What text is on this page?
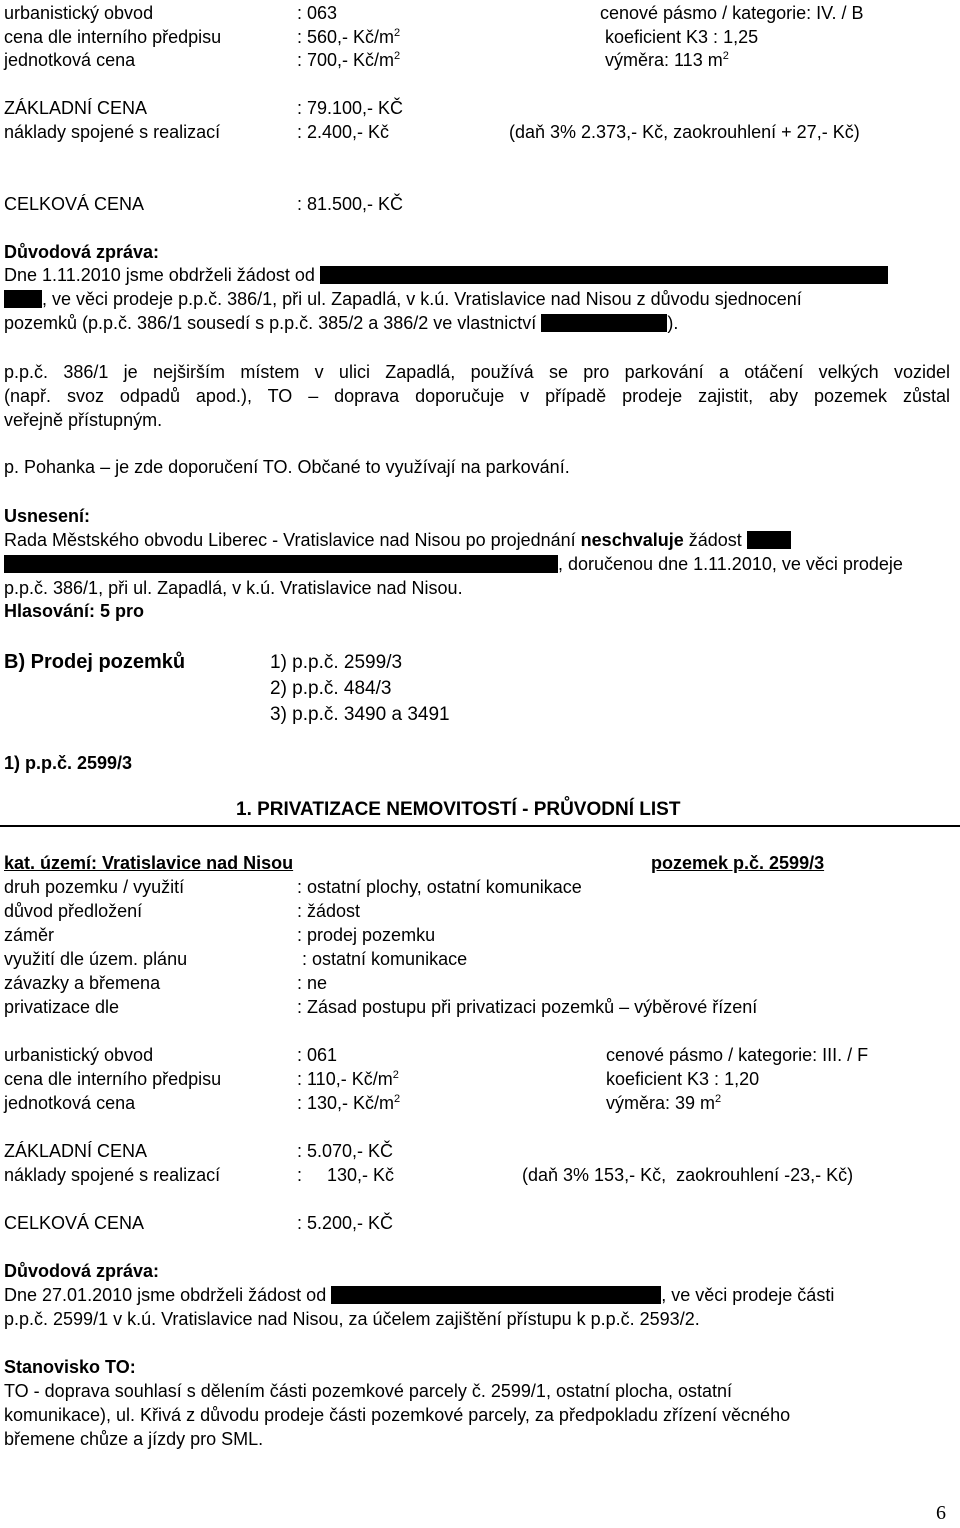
urbanistický obvod	: 063	cenové pásmo / kategorie: IV. / B
cena dle interního předpisu	: 560,- $Kč/m^2$	koeficient K3 : 1,25
jednotková cena	: 700,- $Kč/m^2$	výměra: 113 $m^2$
ZÁKLADNÍ CENA	: 79.100,- KČ
náklady spojené s realizací	: 2.400,- Kč	(daň 3% 2.373,- Kč, zaokrouhlení + 27,- Kč)
CELKOVÁ CENA	: 81.500,- KČ
Důvodová zpráva:
Dne 1.11.2010 jsme obdrželi žádost od
, ve věci prodeje p.p.č. 386/1, při ul. Zapadlá, v k.ú. Vratislavice nad Nisou z důvodu sjednocení
pozemků (p.p.č. 386/1 sousedí s p.p.č. 385/2 a 386/2 ve vlastnictví	).
p.p.č. 386/1 je nejširším místem v ulici Zapadlá, používá se pro parkování a otáčení velkých vozidel
(např. svoz odpadů apod.), TO – doprava doporučuje v případě prodeje zajistit, aby pozemek zůstal
veřejně přístupným.
p. Pohanka – je zde doporučení TO. Občané to využívají na parkování.
Usnesení:
Rada Městského obvodu Liberec - Vratislavice nad Nisou po projednání neschvaluje žádost
, doručenou dne 1.11.2010, ve věci prodeje
p.p.č. 386/1, při ul. Zapadlá, v k.ú. Vratislavice nad Nisou.
Hlasování: 5 pro
B) Prodej pozemků	1) p.p.č. 2599/3
2) p.p.č. 484/3
3) p.p.č. 3490 a 3491
1) p.p.č. 2599/3
1. PRIVATIZACE NEMOVITOSTÍ - PRŮVODNÍ LIST
kat. území: Vratislavice nad Nisou	pozemek p.č. 2599/3
druh pozemku / využití	: ostatní plochy, ostatní komunikace
důvod předložení	: žádost
záměr	: prodej pozemku
využití dle územ. plánu	: ostatní komunikace
závazky a břemena	: ne
privatizace dle	: Zásad postupu při privatizaci pozemků – výběrové řízení
urbanistický obvod	: 061	cenové pásmo / kategorie: III. / F
cena dle interního předpisu	: 110,- $Kč/m^2$	koeficient K3 : 1,20
jednotková cena	: 130,- $Kč/m^2$	výměra: 39 $m^2$
ZÁKLADNÍ CENA	: 5.070,- KČ
náklady spojené s realizací	:     130,- Kč	(daň 3% 153,- Kč,  zaokrouhlení -23,- Kč)
CELKOVÁ CENA	: 5.200,- KČ
Důvodová zpráva:
Dne 27.01.2010 jsme obdrželi žádost od	, ve věci prodeje části
p.p.č. 2599/1 v k.ú. Vratislavice nad Nisou, za účelem zajištění přístupu k p.p.č. 2593/2.
Stanovisko TO:
TO - doprava souhlasí s dělením části pozemkové parcely č. 2599/1, ostatní plocha, ostatní
komunikace), ul. Křivá z důvodu prodeje části pozemkové parcely, za předpokladu zřízení věcného
břemene chůze a jízdy pro SML.
6
